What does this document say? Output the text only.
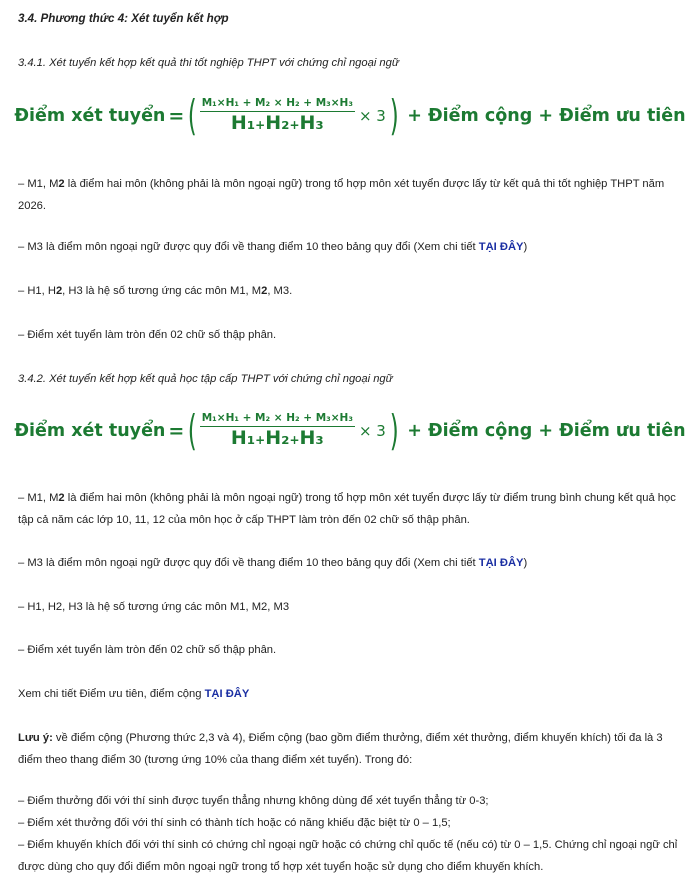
3.4. Phương thức 4: Xét tuyển kết hợp
3.4.1. Xét tuyển kết hợp kết quả thi tốt nghiệp THPT với chứng chỉ ngoại ngữ
Điểm xét tuyển = ( $\frac{\text{M₁×H₁ + M₂ × H₂ + M₃×H₃}}{\text{H₁+H₂+H₃}} \times 3$ ) + Điểm cộng + Điểm ưu tiên
– M1, M2 là điểm hai môn (không phải là môn ngoại ngữ) trong tổ hợp môn xét tuyển được lấy từ kết quả thi tốt nghiệp THPT năm 2026.
– M3 là điểm môn ngoại ngữ được quy đổi về thang điểm 10 theo bảng quy đổi (Xem chi tiết TẠI ĐÂY)
– H1, H2, H3 là hệ số tương ứng các môn M1, M2, M3.
– Điểm xét tuyển làm tròn đến 02 chữ số thập phân.
3.4.2. Xét tuyển kết hợp kết quả học tập cấp THPT với chứng chỉ ngoại ngữ
Điểm xét tuyển = ( $\frac{\text{M₁×H₁ + M₂ × H₂ + M₃×H₃}}{\text{H₁+H₂+H₃}} \times 3$ ) + Điểm cộng + Điểm ưu tiên
– M1, M2 là điểm hai môn (không phải là môn ngoại ngữ) trong tổ hợp môn xét tuyển được lấy từ điểm trung bình chung kết quả học tập cả năm các lớp 10, 11, 12 của môn học ở cấp THPT làm tròn đến 02 chữ số thập phân.
– M3 là điểm môn ngoại ngữ được quy đổi về thang điểm 10 theo bảng quy đổi (Xem chi tiết TẠI ĐÂY)
– H1, H2, H3 là hệ số tương ứng các môn M1, M2, M3
– Điểm xét tuyển làm tròn đến 02 chữ số thập phân.
Xem chi tiết Điểm ưu tiên, điểm cộng TẠI ĐÂY
Lưu ý: về điểm cộng (Phương thức 2,3 và 4), Điểm cộng (bao gồm điểm thưởng, điểm xét thưởng, điểm khuyến khích) tối đa là 3 điểm theo thang điểm 30 (tương ứng 10% của thang điểm xét tuyển). Trong đó:
– Điểm thưởng đối với thí sinh được tuyển thẳng nhưng không dùng để xét tuyển thẳng từ 0-3;
– Điểm xét thưởng đối với thí sinh có thành tích hoặc có năng khiếu đặc biệt từ 0 – 1,5;
– Điểm khuyến khích đối với thí sinh có chứng chỉ ngoại ngữ hoặc có chứng chỉ quốc tế (nếu có) từ 0 – 1,5. Chứng chỉ ngoại ngữ chỉ được dùng cho quy đổi điểm môn ngoại ngữ trong tổ hợp xét tuyển hoặc sử dụng cho điểm khuyến khích.
